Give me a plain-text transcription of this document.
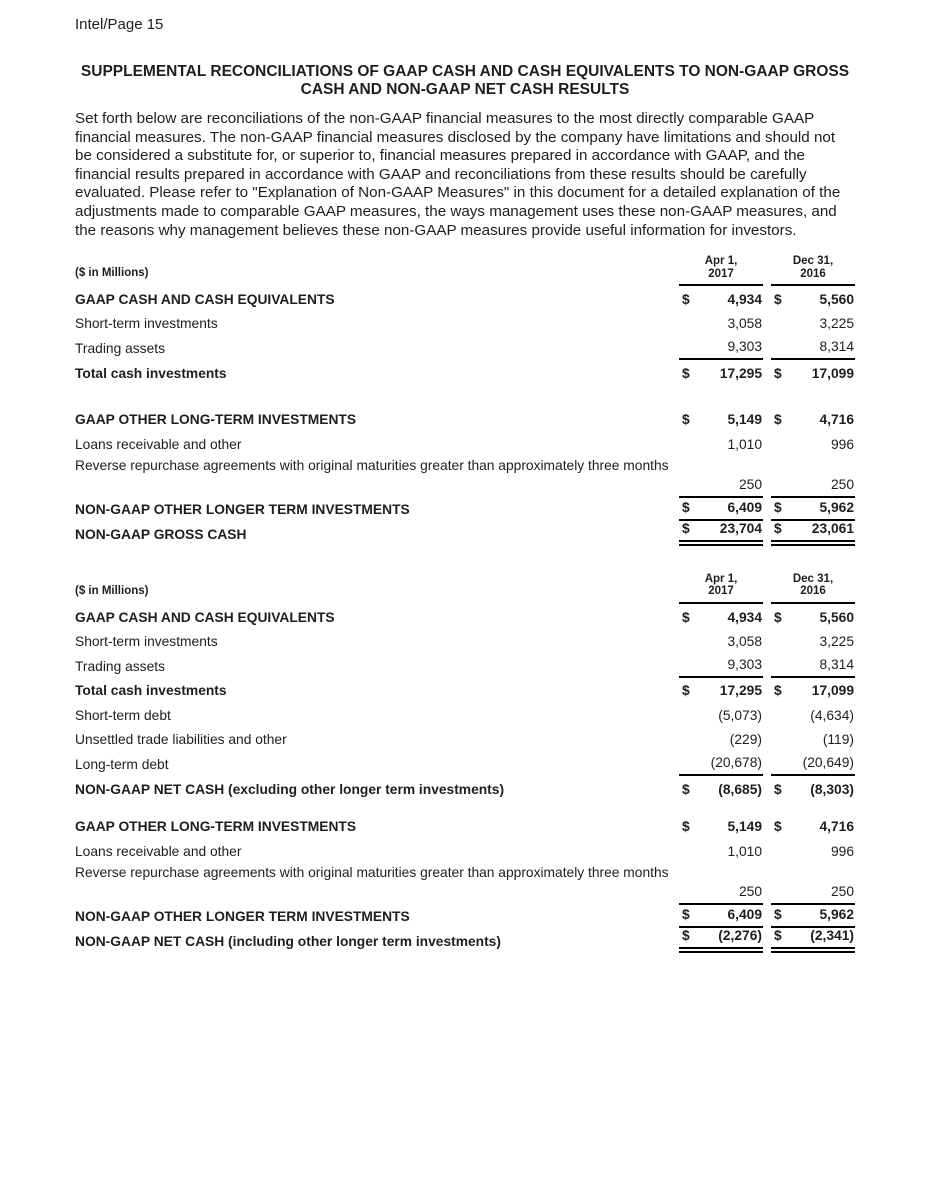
Intel/Page 15
SUPPLEMENTAL RECONCILIATIONS OF GAAP CASH AND CASH EQUIVALENTS TO NON-GAAP GROSS
CASH AND NON-GAAP NET CASH RESULTS

Set forth below are reconciliations of the non-GAAP financial measures to the most directly comparable GAAP financial measures. The non-GAAP financial measures disclosed by the company have limitations and should not be considered a substitute for, or superior to, financial measures prepared in accordance with GAAP, and the financial results prepared in accordance with GAAP and reconciliations from these results should be carefully evaluated. Please refer to "Explanation of Non-GAAP Measures" in this document for a detailed explanation of the adjustments made to comparable GAAP measures, the ways management uses these non-GAAP measures, and the reasons why management believes these non-GAAP measures provide useful information for investors.

($ in Millions)
Apr 1,
2017
Dec 31,
2016
GAAP CASH AND CASH EQUIVALENTS	$	4,934 $	5,560
Short-term investments	3,058	3,225
Trading assets	9,303	8,314
Total cash investments	$ 17,295 $ 17,099
GAAP OTHER LONG-TERM INVESTMENTS	$	5,149 $	4,716
Loans receivable and other	1,010	996
Reverse repurchase agreements with original maturities greater than approximately three months
250	250
NON-GAAP OTHER LONGER TERM INVESTMENTS	$	6,409 $	5,962
NON-GAAP GROSS CASH	$ 23,704 $ 23,061
($ in Millions)
Apr 1,
2017
Dec 31,
2016
GAAP CASH AND CASH EQUIVALENTS	$	4,934 $	5,560
Short-term investments	3,058	3,225
Trading assets	9,303	8,314
Total cash investments	$ 17,295 $ 17,099
Short-term debt	(5,073)	(4,634)
Unsettled trade liabilities and other	(229)	(119)
Long-term debt	(20,678)	(20,649)
NON-GAAP NET CASH (excluding other longer term investments)	$ (8,685) $ (8,303)
GAAP OTHER LONG-TERM INVESTMENTS	$	5,149 $	4,716
Loans receivable and other	1,010	996
Reverse repurchase agreements with original maturities greater than approximately three months
250	250
NON-GAAP OTHER LONGER TERM INVESTMENTS	$	6,409 $	5,962
NON-GAAP NET CASH (including other longer term investments)	$ (2,276) $ (2,341)
